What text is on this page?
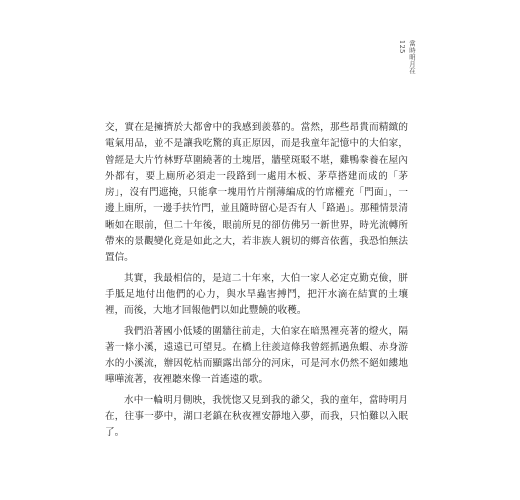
125 當時明月在

交，實在是擁擠於大都會中的我感到羨慕的。當然，那些昂貴而精緻的電氣用品，並不是讓我吃驚的真正原因，而是我童年記憶中的大伯家，曾經是大片竹林野草圍繞著的土塊厝，牆壁斑駁不堪，雞鴨豢養在屋內外都有，要上廁所必須走一段路到一處用木板、茅草搭建而成的「茅房」，沒有門遮掩，只能拿一塊用竹片削薄編成的竹席權充「門面」，一邊上廁所，一邊手扶竹門，並且隨時留心是否有人「路過」。那種情景清晰如在眼前，但二十年後，眼前所見的卻仿佛另一新世界，時光流轉所帶來的景觀變化竟是如此之大，若非族人親切的鄉音依舊，我恐怕無法置信。

其實，我最相信的，是這二十年來，大伯一家人必定克勤克儉，胼手胝足地付出他們的心力，與水旱蟲害搏鬥，把汗水滴在結實的土壤裡，而後，大地才回報他們以如此豐饒的收穫。

我們沿著國小低矮的圍牆往前走，大伯家在暗黑裡亮著的燈火，隔著一條小溪，遠遠已可望見。在橋上往羨這條我曾經抓過魚蝦、赤身游水的小溪流，辦因乾枯而顯露出部分的河床，可是河水仍然不絕如縷地嘩嘩流著，夜裡聽來像一首遙遠的歌。

水中一輪明月側映，我恍惚又見到我的爺父，我的童年，當時明月在，往事一夢中，湖口老鎮在秋夜裡安靜地入夢，而我，只怕難以入眠了。
